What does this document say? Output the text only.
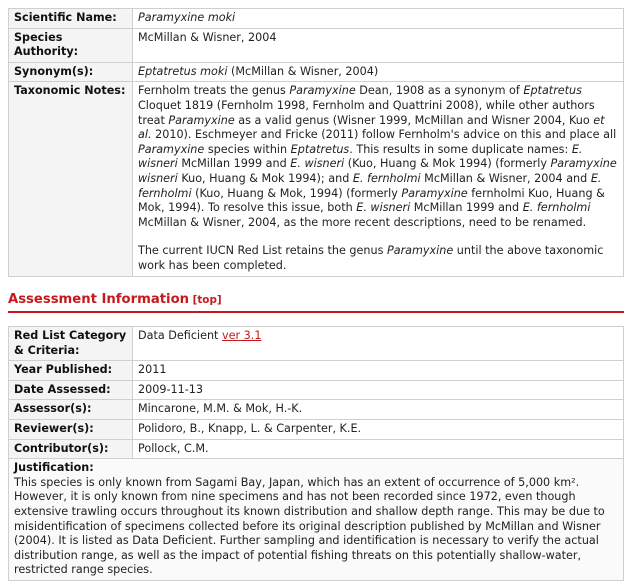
Scientific Name:	Paramyxine moki
Species Authority:	McMillan & Wisner, 2004
Synonym(s):	Eptatretus moki (McMillan & Wisner, 2004)
Taxonomic Notes:	Fernholm treats the genus Paramyxine Dean, 1908 as a synonym of Eptatretus Cloquet 1819 (Fernholm 1998, Fernholm and Quattrini 2008), while other authors treat Paramyxine as a valid genus (Wisner 1999, McMillan and Wisner 2004, Kuo et al. 2010). Eschmeyer and Fricke (2011) follow Fernholm's advice on this and place all Paramyxine species within Eptatretus. This results in some duplicate names: E. wisneri McMillan 1999 and E. wisneri (Kuo, Huang & Mok 1994) (formerly Paramyxine wisneri Kuo, Huang & Mok 1994); and E. fernholmi McMillan & Wisner, 2004 and E. fernholmi (Kuo, Huang & Mok, 1994) (formerly Paramyxine fernholmi Kuo, Huang & Mok, 1994). To resolve this issue, both E. wisneri McMillan 1999 and E. fernholmi McMillan & Wisner, 2004, as the more recent descriptions, need to be renamed.

The current IUCN Red List retains the genus Paramyxine until the above taxonomic work has been completed.

Assessment Information [top]
Red List Category & Criteria:	Data Deficient ver 3.1
Year Published:	2011
Date Assessed:	2009-11-13
Assessor(s):	Mincarone, M.M. & Mok, H.-K.
Reviewer(s):	Polidoro, B., Knapp, L. & Carpenter, K.E.
Contributor(s):	Pollock, C.M.

Justification:
This species is only known from Sagami Bay, Japan, which has an extent of occurrence of 5,000 km². However, it is only known from nine specimens and has not been recorded since 1972, even though extensive trawling occurs throughout its known distribution and shallow depth range. This may be due to misidentification of specimens collected before its original description published by McMillan and Wisner (2004). It is listed as Data Deficient. Further sampling and identification is necessary to verify the actual distribution range, as well as the impact of potential fishing threats on this potentially shallow-water, restricted range species.	
